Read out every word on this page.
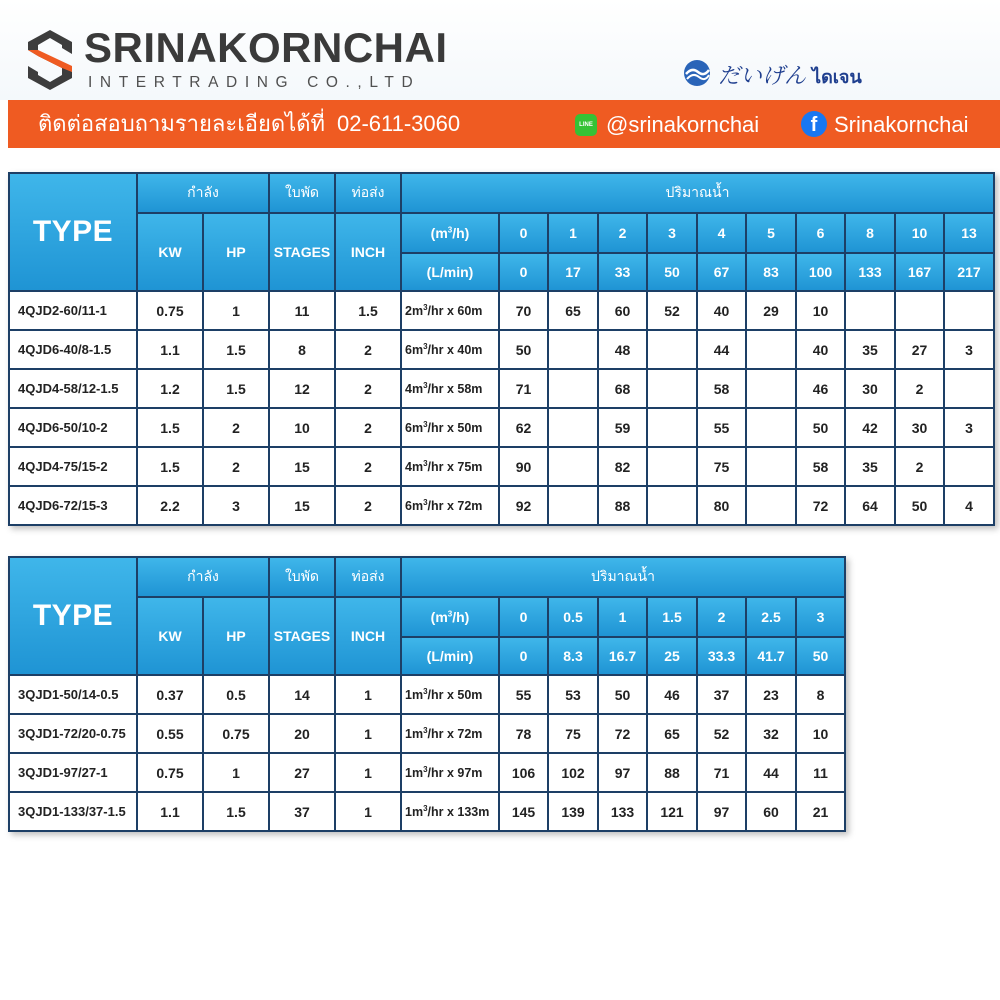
SRINAKORNCHAI
INTERTRADING CO.,LTD	だいげん ไดเจน
ติดต่อสอบถามรายละเอียดได้ที่ 02-611-3060	LINE @srinakornchai	f Srinakornchai
TYPE	กำลัง		ใบพัด	ท่อส่ง	ปริมาณน้ำ										
	KW	HP	STAGES	INCH	$(m^3/h)$	0	1	2	3	4	5	6	8	10	13
					(L/min)	0	17	33	50	67	83	100	133	167	217
4QJD2-60/11-1	0.75	1	11	1.5	$2m^3/hr$ x 60m	70	65	60	52	40	29	10			
4QJD6-40/8-1.5	1.1	1.5	8	2	$6m^3/hr$ x 40m	50		48		44		40	35	27	3
4QJD4-58/12-1.5	1.2	1.5	12	2	$4m^3/hr$ x 58m	71		68		58		46	30	2	
4QJD6-50/10-2	1.5	2	10	2	$6m^3/hr$ x 50m	62		59		55		50	42	30	3
4QJD4-75/15-2	1.5	2	15	2	$4m^3/hr$ x 75m	90		82		75		58	35	2	
4QJD6-72/15-3	2.2	3	15	2	$6m^3/hr$ x 72m	92		88		80		72	64	50	4
TYPE	กำลัง		ใบพัด	ท่อส่ง	ปริมาณน้ำ							
	KW	HP	STAGES	INCH	$(m^3/h)$	0	0.5	1	1.5	2	2.5	3
					(L/min)	0	8.3	16.7	25	33.3	41.7	50
3QJD1-50/14-0.5	0.37	0.5	14	1	$1m^3/hr$ x 50m	55	53	50	46	37	23	8
3QJD1-72/20-0.75	0.55	0.75	20	1	$1m^3/hr$ x 72m	78	75	72	65	52	32	10
3QJD1-97/27-1	0.75	1	27	1	$1m^3/hr$ x 97m	106	102	97	88	71	44	11
3QJD1-133/37-1.5	1.1	1.5	37	1	$1m^3/hr$ x 133m	145	139	133	121	97	60	21
